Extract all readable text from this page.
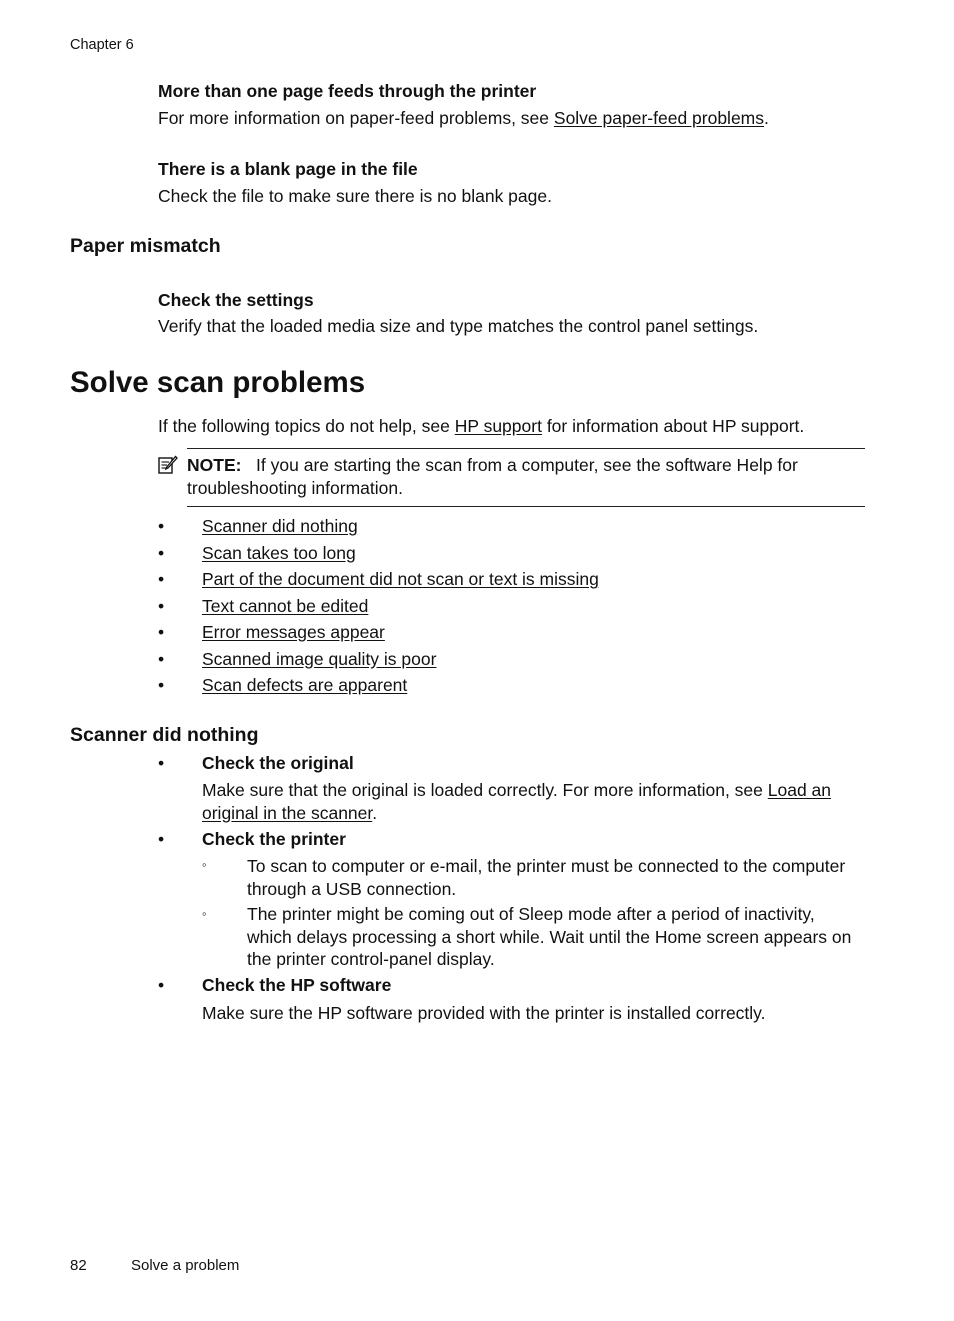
Chapter 6
More than one page feeds through the printer
For more information on paper-feed problems, see Solve paper-feed problems.
There is a blank page in the file
Check the file to make sure there is no blank page.
Paper mismatch
Check the settings
Verify that the loaded media size and type matches the control panel settings.
Solve scan problems
If the following topics do not help, see HP support for information about HP support.
NOTE: If you are starting the scan from a computer, see the software Help for troubleshooting information.
• Scanner did nothing
• Scan takes too long
• Part of the document did not scan or text is missing
• Text cannot be edited
• Error messages appear
• Scanned image quality is poor
• Scan defects are apparent
Scanner did nothing
• Check the original
Make sure that the original is loaded correctly. For more information, see Load an original in the scanner.
• Check the printer
◦ To scan to computer or e-mail, the printer must be connected to the computer through a USB connection.
◦ The printer might be coming out of Sleep mode after a period of inactivity, which delays processing a short while. Wait until the Home screen appears on the printer control-panel display.
• Check the HP software
Make sure the HP software provided with the printer is installed correctly.
82	Solve a problem
